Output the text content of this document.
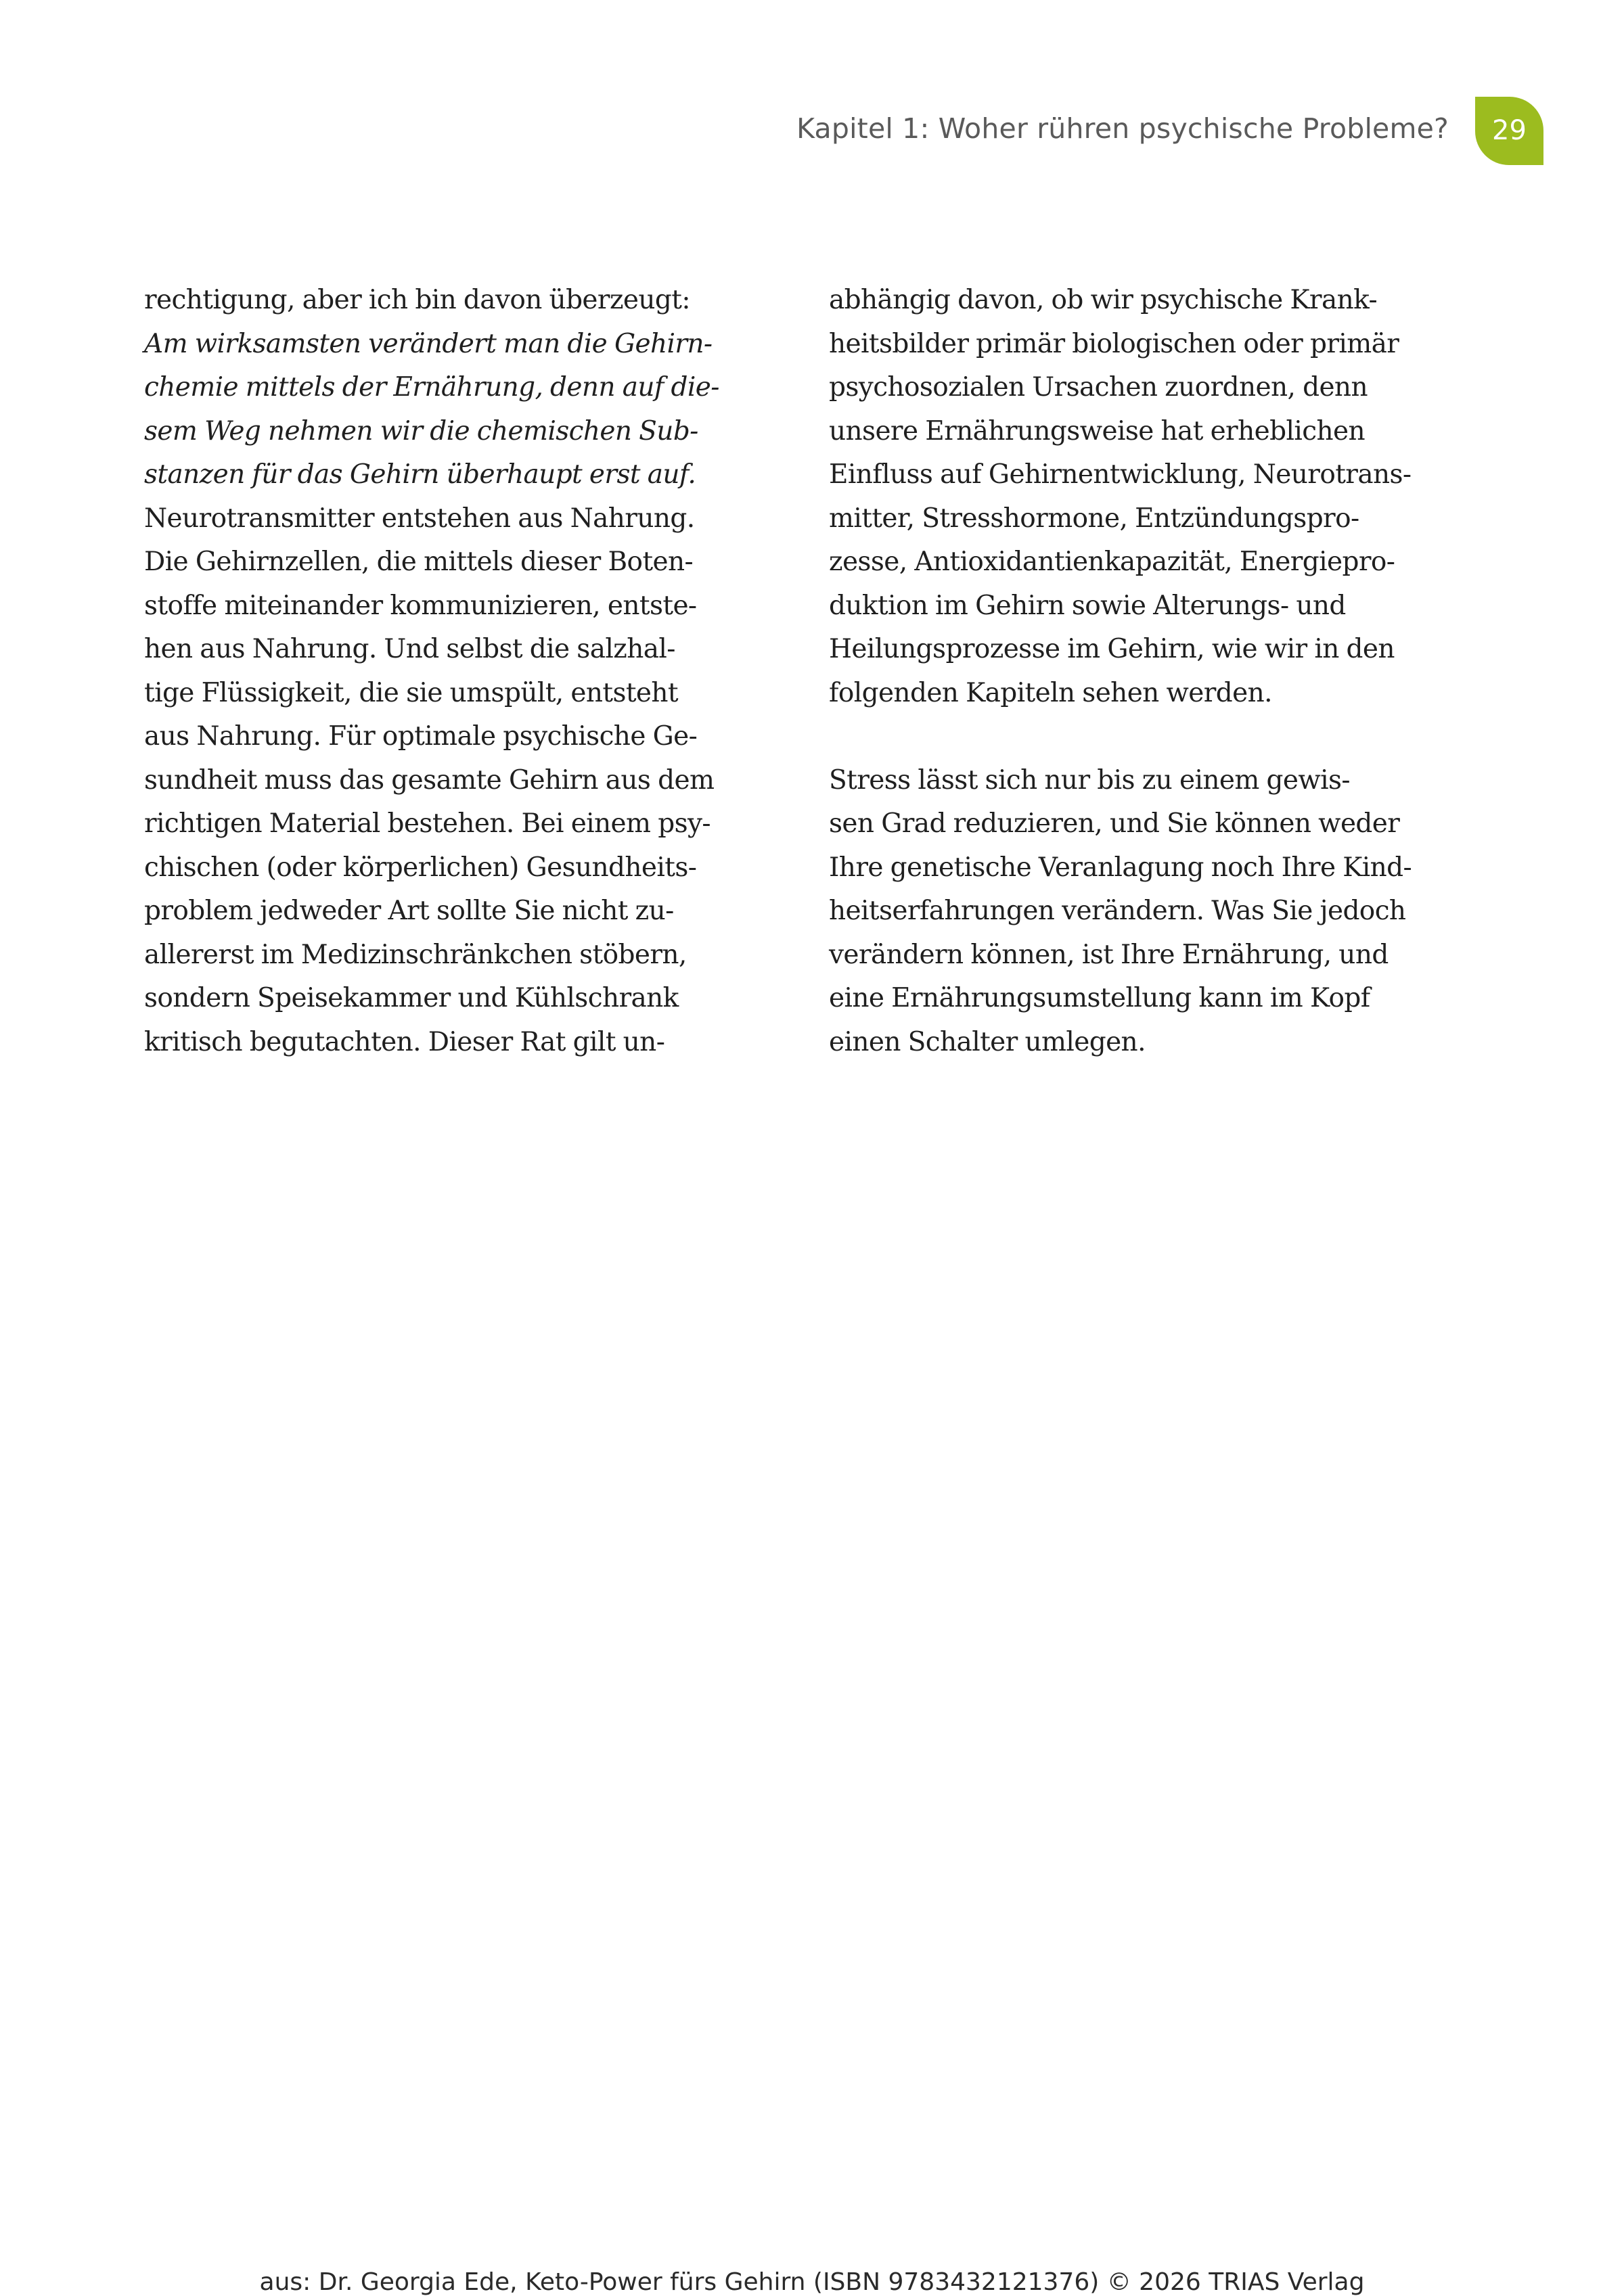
Kapitel 1: Woher rühren psychische Probleme?	29
rechtigung, aber ich bin davon überzeugt:
Am wirksamsten verändert man die Gehirn-
chemie mittels der Ernährung, denn auf die-
sem Weg nehmen wir die chemischen Sub-
stanzen für das Gehirn überhaupt erst auf.
Neurotransmitter entstehen aus Nahrung.
Die Gehirnzellen, die mittels dieser Boten-
stoffe miteinander kommunizieren, entste-
hen aus Nahrung. Und selbst die salzhal-
tige Flüssigkeit, die sie umspült, entsteht
aus Nahrung. Für optimale psychische Ge-
sundheit muss das gesamte Gehirn aus dem
richtigen Material bestehen. Bei einem psy-
chischen (oder körperlichen) Gesundheits-
problem jedweder Art sollte Sie nicht zu-
allererst im Medizinschränkchen stöbern,
sondern Speisekammer und Kühlschrank
kritisch begutachten. Dieser Rat gilt un-
abhängig davon, ob wir psychische Krank-
heitsbilder primär biologischen oder primär
psychosozialen Ursachen zuordnen, denn
unsere Ernährungsweise hat erheblichen
Einfluss auf Gehirnentwicklung, Neurotrans-
mitter, Stresshormone, Entzündungspro-
zesse, Antioxidantienkapazität, Energiepro-
duktion im Gehirn sowie Alterungs- und
Heilungsprozesse im Gehirn, wie wir in den
folgenden Kapiteln sehen werden.
Stress lässt sich nur bis zu einem gewis-
sen Grad reduzieren, und Sie können weder
Ihre genetische Veranlagung noch Ihre Kind-
heitserfahrungen verändern. Was Sie jedoch
verändern können, ist Ihre Ernährung, und
eine Ernährungsumstellung kann im Kopf
einen Schalter umlegen.
aus: Dr. Georgia Ede, Keto-Power fürs Gehirn (ISBN 9783432121376) © 2026 TRIAS Verlag
